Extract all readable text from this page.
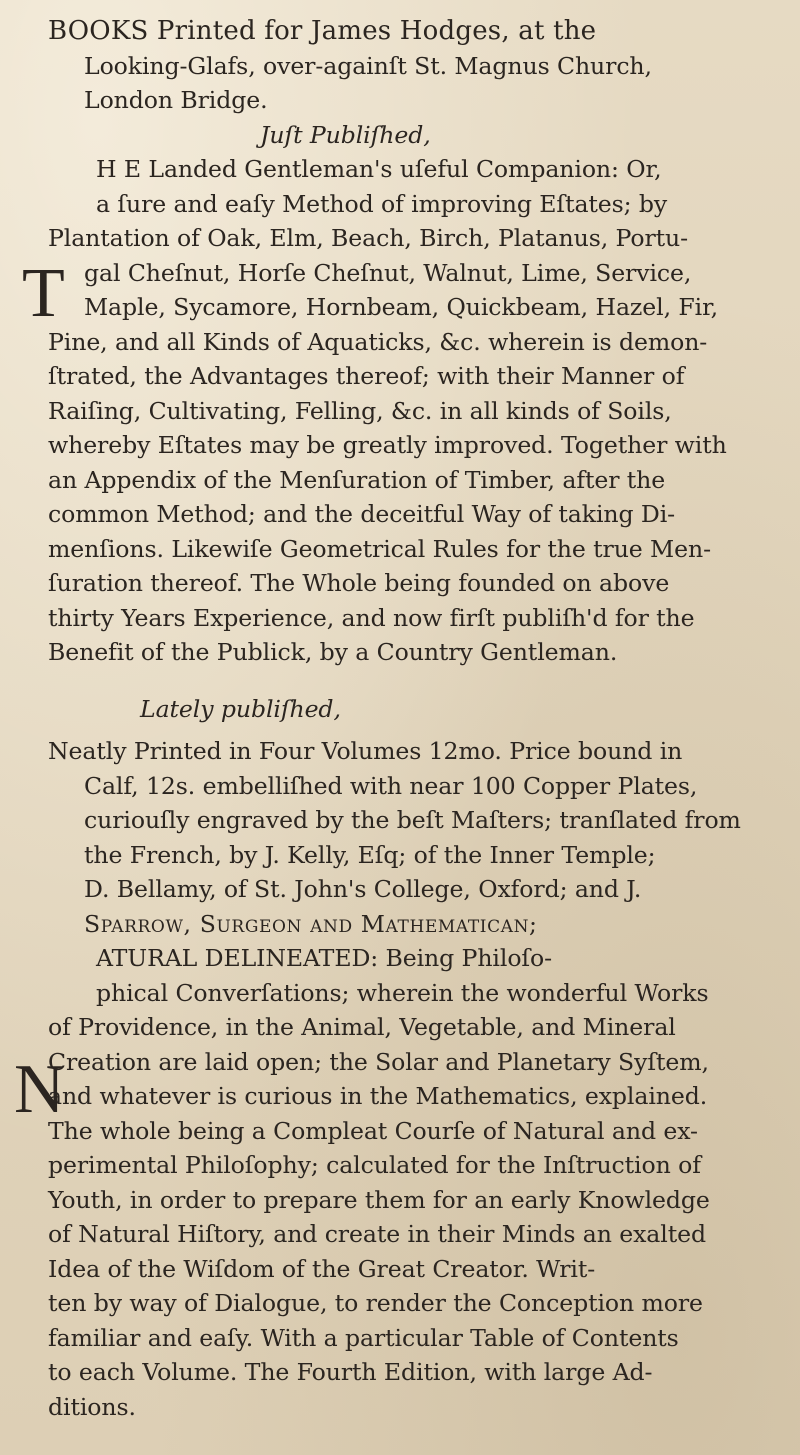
T
N
BOOKS Printed for James Hodges, at the
Looking-Glafs, over-againſt St. Magnus Church,
London Bridge.
Juſt Publiſhed,
H E Landed Gentleman's uſeful Companion: Or,
a ſure and eaſy Method of improving Eſtates; by
Plantation of Oak, Elm, Beach, Birch, Platanus, Portu-
gal Cheſnut, Horſe Cheſnut, Walnut, Lime, Service,
Maple, Sycamore, Hornbeam, Quickbeam, Hazel, Fir,
Pine, and all Kinds of Aquaticks, &c. wherein is demon-
ſtrated, the Advantages thereof; with their Manner of
Raiſing, Cultivating, Felling, &c. in all kinds of Soils,
whereby Eſtates may be greatly improved. Together with
an Appendix of the Menſuration of Timber, after the
common Method; and the deceitful Way of taking Di-
menſions. Likewiſe Geometrical Rules for the true Men-
ſuration thereof. The Whole being founded on above
thirty Years Experience, and now firſt publiſh'd for the
Benefit of the Publick, by a Country Gentleman.
Lately publiſhed,
Neatly Printed in Four Volumes 12mo. Price bound in
Calf, 12s. embelliſhed with near 100 Copper Plates,
curiouſly engraved by the beſt Maſters; tranſlated from
the French, by J. Kelly, Eſq; of the Inner Temple;
D. Bellamy, of St. John's College, Oxford; and J.
Sparrow, Surgeon and Mathematican;
ATURAL DELINEATED: Being Philoſo-
phical Converſations; wherein the wonderful Works
of Providence, in the Animal, Vegetable, and Mineral
Creation are laid open; the Solar and Planetary Syſtem,
and whatever is curious in the Mathematics, explained.
The whole being a Compleat Courſe of Natural and ex-
perimental Philoſophy; calculated for the Inſtruction of
Youth, in order to prepare them for an early Knowledge
of Natural Hiſtory, and create in their Minds an exalted
Idea of the Wiſdom of the Great Creator. Writ-
ten by way of Dialogue, to render the Conception more
familiar and eaſy. With a particular Table of Contents
to each Volume. The Fourth Edition, with large Ad-
ditions.
